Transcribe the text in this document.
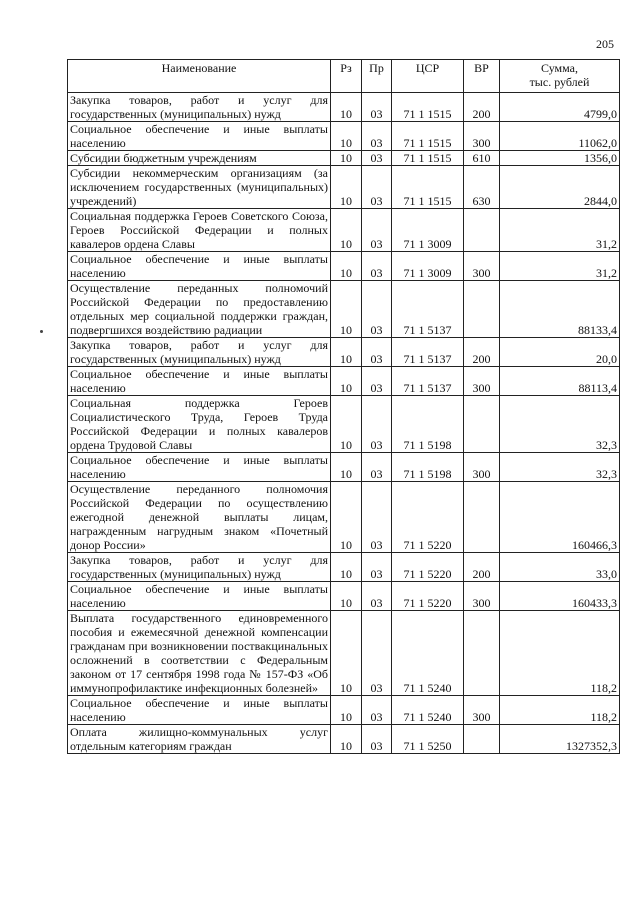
205
Наименование	Рз	Пр	ЦСР	ВР	Сумма,
тыс. рублей

Закупка товаров, работ и услуг для государственных (муниципальных) нужд	10	03	71 1 1515	200	4799,0
Социальное обеспечение и иные выплаты населению	10	03	71 1 1515	300	11062,0
Субсидии бюджетным учреждениям	10	03	71 1 1515	610	1356,0
Субсидии некоммерческим организациям (за исключением государственных (муниципальных) учреждений)	10	03	71 1 1515	630	2844,0
Социальная поддержка Героев Советского Союза, Героев Российской Федерации и полных кавалеров ордена Славы	10	03	71 1 3009		31,2
Социальное обеспечение и иные выплаты населению	10	03	71 1 3009	300	31,2
Осуществление переданных полномочий Российской Федерации по предоставлению отдельных мер социальной поддержки граждан, подвергшихся воздействию радиации	10	03	71 1 5137		88133,4
Закупка товаров, работ и услуг для государственных (муниципальных) нужд	10	03	71 1 5137	200	20,0
Социальное обеспечение и иные выплаты населению	10	03	71 1 5137	300	88113,4
Социальная поддержка Героев Социалистического Труда, Героев Труда Российской Федерации и полных кавалеров ордена Трудовой Славы	10	03	71 1 5198		32,3
Социальное обеспечение и иные выплаты населению	10	03	71 1 5198	300	32,3
Осуществление переданного полномочия Российской Федерации по осуществлению ежегодной денежной выплаты лицам, награжденным нагрудным знаком «Почетный донор России»	10	03	71 1 5220		160466,3
Закупка товаров, работ и услуг для государственных (муниципальных) нужд	10	03	71 1 5220	200	33,0
Социальное обеспечение и иные выплаты населению	10	03	71 1 5220	300	160433,3
Выплата государственного единовременного пособия и ежемесячной денежной компенсации гражданам при возникновении поствакцинальных осложнений в соответствии с Федеральным законом от 17 сентября 1998 года № 157-ФЗ «Об иммунопрофилактике инфекционных болезней»	10	03	71 1 5240		118,2
Социальное обеспечение и иные выплаты населению	10	03	71 1 5240	300	118,2
Оплата жилищно-коммунальных услуг отдельным категориям граждан	10	03	71 1 5250		1327352,3
